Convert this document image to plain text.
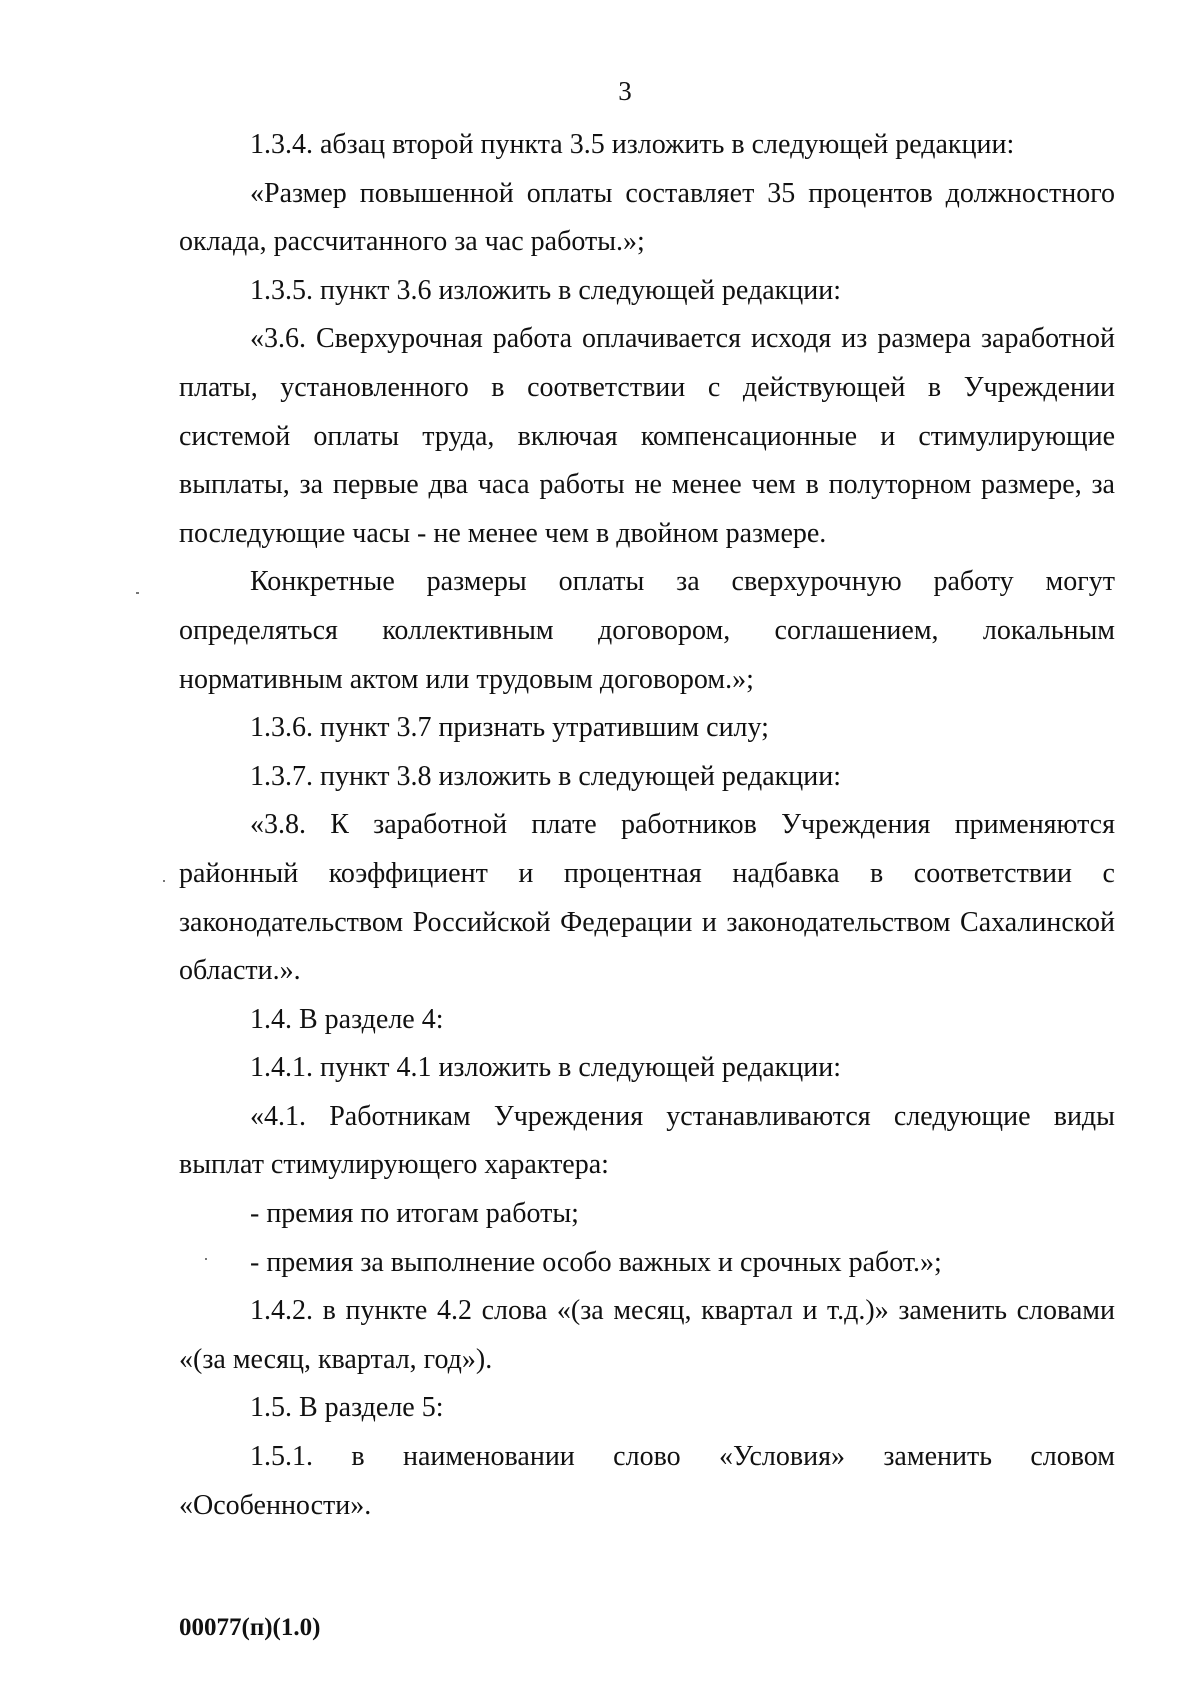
3

1.3.4. абзац второй пункта 3.5 изложить в следующей редакции:

«Размер повышенной оплаты составляет 35 процентов должностного оклада, рассчитанного за час работы.»;

1.3.5. пункт 3.6 изложить в следующей редакции:

«3.6. Сверхурочная работа оплачивается исходя из размера заработной платы, установленного в соответствии с действующей в Учреждении системой оплаты труда, включая компенсационные и стимулирующие выплаты, за первые два часа работы не менее чем в полуторном размере, за последующие часы - не менее чем в двойном размере.

Конкретные размеры оплаты за сверхурочную работу могут определяться коллективным договором, соглашением, локальным нормативным актом или трудовым договором.»;

1.3.6. пункт 3.7 признать утратившим силу;

1.3.7. пункт 3.8 изложить в следующей редакции:

«3.8. К заработной плате работников Учреждения применяются районный коэффициент и процентная надбавка в соответствии с законодательством Российской Федерации и законодательством Сахалинской области.».

1.4. В разделе 4:

1.4.1. пункт 4.1 изложить в следующей редакции:

«4.1. Работникам Учреждения устанавливаются следующие виды выплат стимулирующего характера:

- премия по итогам работы;

- премия за выполнение особо важных и срочных работ.»;

1.4.2. в пункте 4.2 слова «(за месяц, квартал и т.д.)» заменить словами «(за месяц, квартал, год»).

1.5. В разделе 5:

1.5.1. в наименовании слово «Условия» заменить словом «Особенности».

00077(п)(1.0)
